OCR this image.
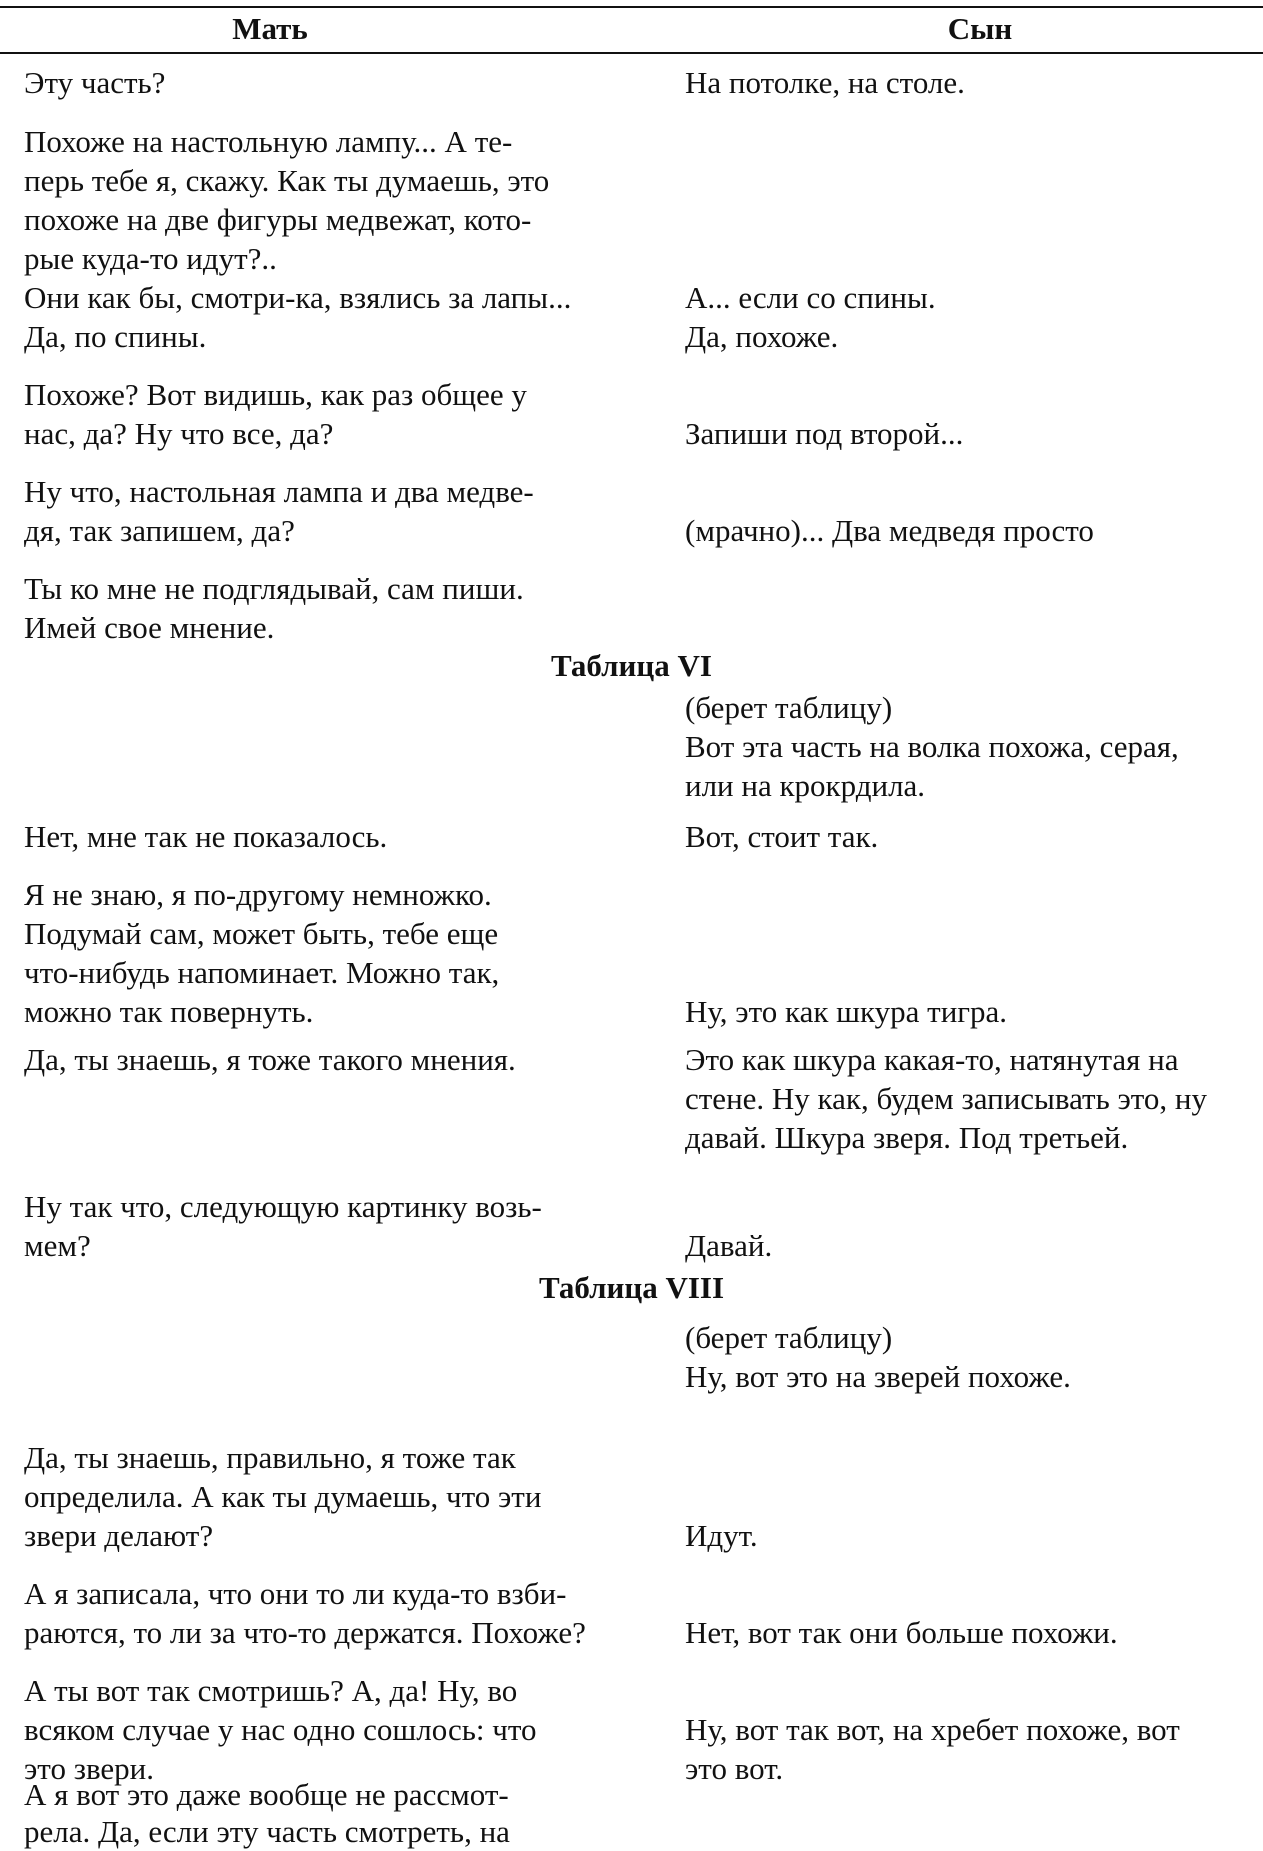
Мать	Сын
Эту часть?
Похоже на настольную лампу... А те-
перь тебе я, скажу. Как ты думаешь, это
похоже на две фигуры медвежат, кото-
рые куда-то идут?..
Они как бы, смотри-ка, взялись за лапы...
Да, по спины.
Похоже? Вот видишь, как раз общее у
нас, да? Ну что все, да?
Ну что, настольная лампа и два медве-
дя, так запишем, да?
Ты ко мне не подглядывай, сам пиши.
Имей свое мнение.
Нет, мне так не показалось.
Я не знаю, я по-другому немножко.
Подумай сам, может быть, тебе еще
что-нибудь напоминает. Можно так,
можно так повернуть.
Да, ты знаешь, я тоже такого мнения.
Ну так что, следующую картинку возь-
мем?
Да, ты знаешь, правильно, я тоже так
определила. А как ты думаешь, что эти
звери делают?
А я записала, что они то ли куда-то взби-
раются, то ли за что-то держатся. Похоже?
А ты вот так смотришь? А, да! Ну, во
всяком случае у нас одно сошлось: что
это звери.
А я вот это даже вообще не рассмот-
рела. Да, если эту часть смотреть, на
На потолке, на столе.
А... если со спины.
Да, похоже.
Запиши под второй...
(мрачно)... Два медведя просто
Таблица VI
(берет таблицу)
Вот эта часть на волка похожа, серая,
или на крокрдила.
Вот, стоит так.
Ну, это как шкура тигра.
Это как шкура какая-то, натянутая на
стене. Ну как, будем записывать это, ну
давай. Шкура зверя. Под третьей.
Давай.
Таблица VIII
(берет таблицу)
Ну, вот это на зверей похоже.
Идут.
Нет, вот так они больше похожи.
Ну, вот так вот, на хребет похоже, вот
это вот.
